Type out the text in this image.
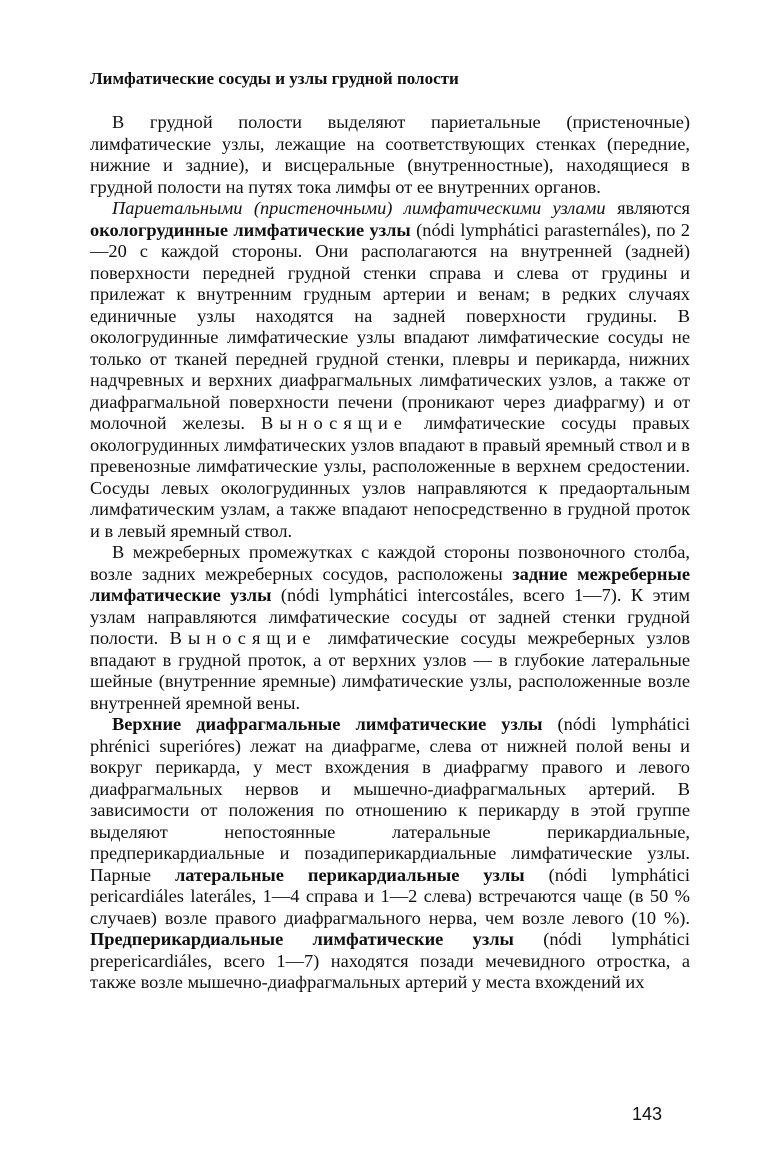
Лимфатические сосуды и узлы грудной полости

В грудной полости выделяют париетальные (пристеночные) лимфатические узлы, лежащие на соответствующих стенках (передние, нижние и задние), и висцеральные (внутренностные), находящиеся в грудной полости на путях тока лимфы от ее внутренних органов.

Париетальными (пристеночными) лимфатическими узлами являются окологрудинные лимфатические узлы (nódi lymphátici parasternáles), по 2—20 с каждой стороны. Они располагаются на внутренней (задней) поверхности передней грудной стенки справа и слева от грудины и прилежат к внутренним грудным артерии и венам; в редких случаях единичные узлы находятся на задней поверхности грудины. В окологрудинные лимфатические узлы впадают лимфатические сосуды не только от тканей передней грудной стенки, плевры и перикарда, нижних надчревных и верхних диафрагмальных лимфатических узлов, а также от диафрагмальной поверхности печени (проникают через диафрагму) и от молочной железы. Выносящие лимфатические сосуды правых окологрудинных лимфатических узлов впадают в правый яремный ствол и в превенозные лимфатические узлы, расположенные в верхнем средостении. Сосуды левых окологрудинных узлов направляются к предаортальным лимфатическим узлам, а также впадают непосредственно в грудной проток и в левый яремный ствол.

В межреберных промежутках с каждой стороны позвоночного столба, возле задних межреберных сосудов, расположены задние межреберные лимфатические узлы (nódi lymphátici intercostáles, всего 1—7). К этим узлам направляются лимфатические сосуды от задней стенки грудной полости. Выносящие лимфатические сосуды межреберных узлов впадают в грудной проток, а от верхних узлов — в глубокие латеральные шейные (внутренние яремные) лимфатические узлы, расположенные возле внутренней яремной вены.

Верхние диафрагмальные лимфатические узлы (nódi lymphátici phrénici superióres) лежат на диафрагме, слева от нижней полой вены и вокруг перикарда, у мест вхождения в диафрагму правого и левого диафрагмальных нервов и мышечно-диафрагмальных артерий. В зависимости от положения по отношению к перикарду в этой группе выделяют непостоянные латеральные перикардиальные, предперикардиальные и позадиперикардиальные лимфатические узлы. Парные латеральные перикардиальные узлы (nódi lymphátici pericardiáles lateráles, 1—4 справа и 1—2 слева) встречаются чаще (в 50 % случаев) возле правого диафрагмального нерва, чем возле левого (10 %). Предперикардиальные лимфатические узлы (nódi lymphátici prepericardiáles, всего 1—7) находятся позади мечевидного отростка, а также возле мышечно-диафрагмальных артерий у места вхождений их

143
